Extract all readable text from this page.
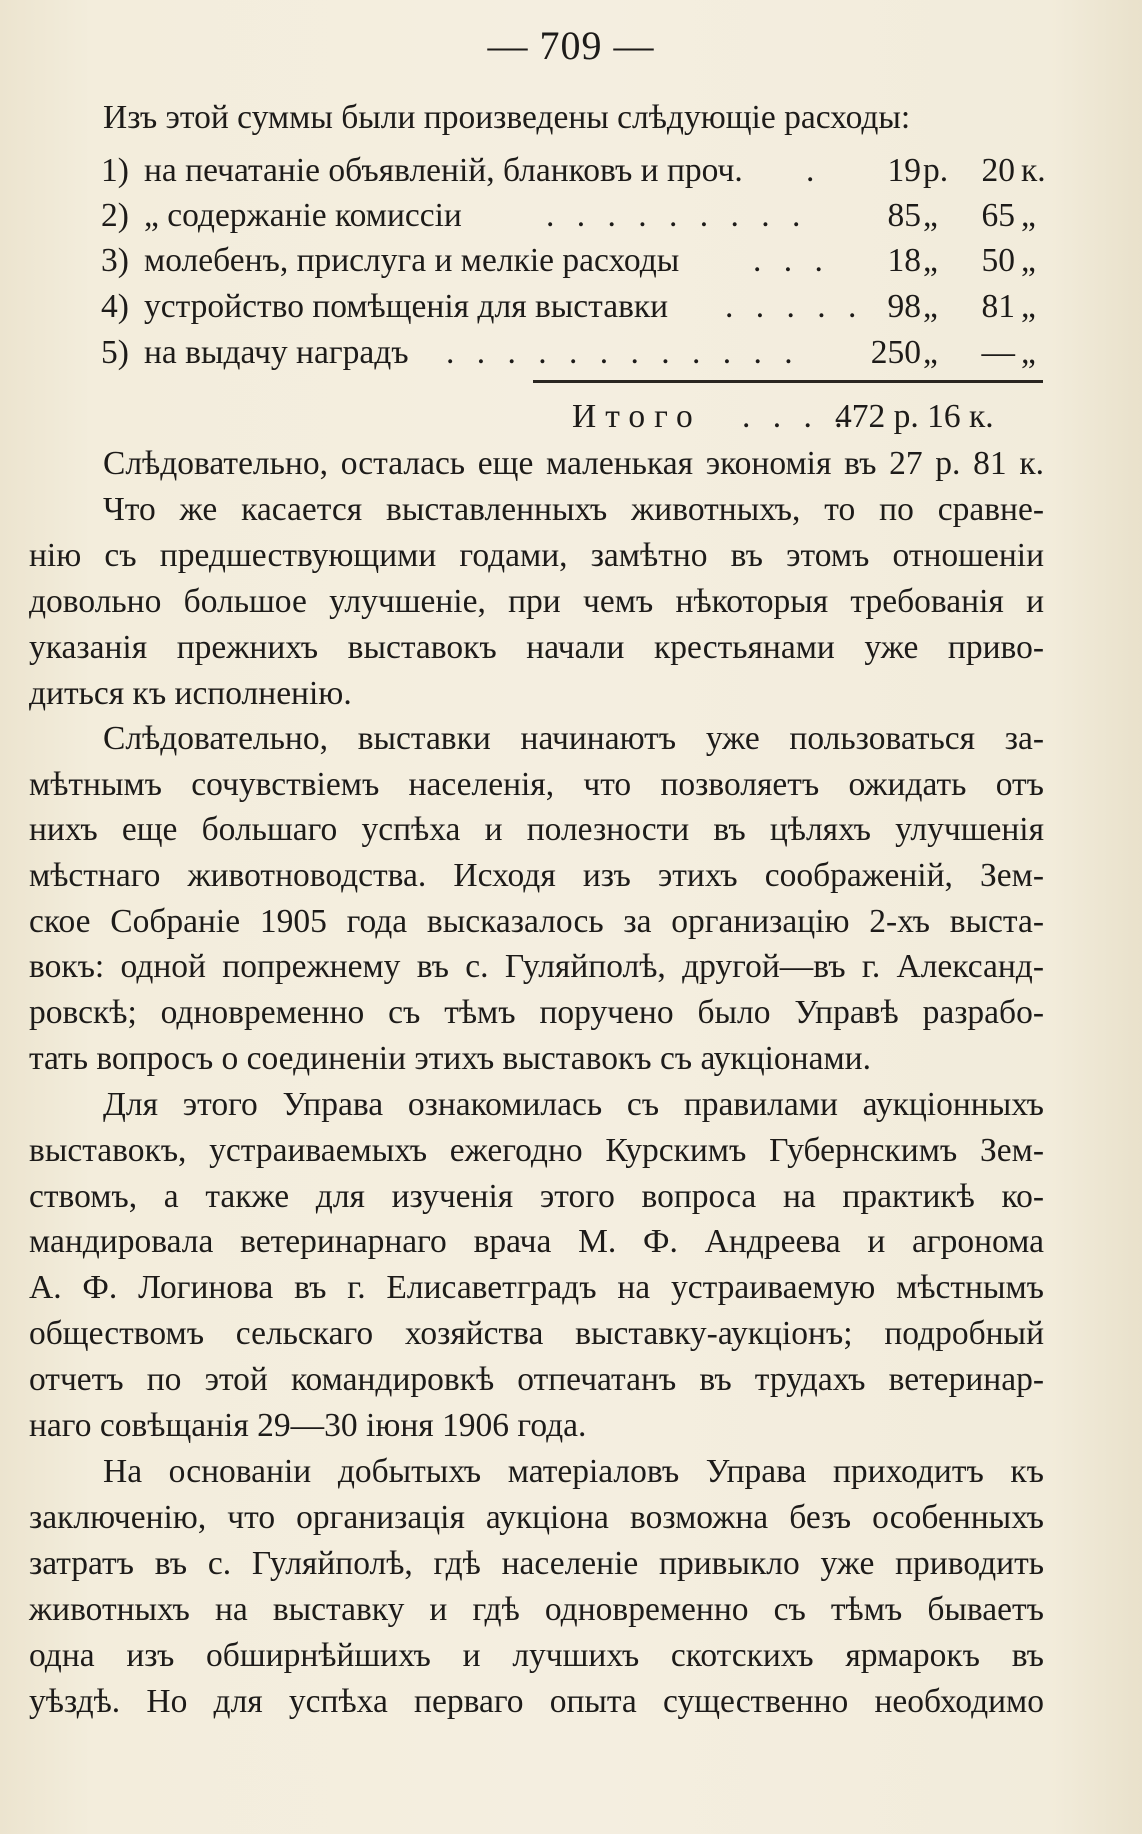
— 709 —
Изъ этой суммы были произведены слѣдующіе расходы:
1) на печатаніе объявленій, бланковъ и проч. .	19 р. 20 к.
2) „ содержаніе комиссіи	. . . . . . . . .	85 „	65 „
3) молебенъ, прислуга и мелкіе расходы . . .	18 „	50 „
4) устройство помѣщенія для выставки . . . . . 98 „	81 „
5) на выдачу наградъ . . . . . . . . . . . .	250 „	— „
Итого . . . .
472 р. 16 к.
Слѣдовательно, осталась еще маленькая экономія въ 27 р. 81 к.
Что же касается выставленныхъ животныхъ, то по сравне-
нію съ предшествующими годами, замѣтно въ этомъ отношеніи
довольно большое улучшеніе, при чемъ нѣкоторыя требованія и
указанія прежнихъ выставокъ начали крестьянами уже приво-
диться къ исполненію.
Слѣдовательно, выставки начинаютъ уже пользоваться за-
мѣтнымъ сочувствіемъ населенія, что позволяетъ ожидать отъ
нихъ еще большаго успѣха и полезности въ цѣляхъ улучшенія
мѣстнаго животноводства. Исходя изъ этихъ соображеній, Зем-
ское Собраніе 1905 года высказалось за организацію 2-хъ выста-
вокъ: одной попрежнему въ с. Гуляйполѣ, другой—въ г. Александ-
ровскѣ; одновременно съ тѣмъ поручено было Управѣ разрабо-
тать вопросъ о соединеніи этихъ выставокъ съ аукціонами.
Для этого Управа ознакомилась съ правилами аукціонныхъ
выставокъ, устраиваемыхъ ежегодно Курскимъ Губернскимъ Зем-
ствомъ, а также для изученія этого вопроса на практикѣ ко-
мандировала ветеринарнаго врача М. Ф. Андреева и агронома
А. Ф. Логинова въ г. Елисаветградъ на устраиваемую мѣстнымъ
обществомъ сельскаго хозяйства выставку-аукціонъ; подробный
отчетъ по этой командировкѣ отпечатанъ въ трудахъ ветеринар-
наго совѣщанія 29—30 іюня 1906 года.
На основаніи добытыхъ матеріаловъ Управа приходитъ къ
заключенію, что организація аукціона возможна безъ особенныхъ
затратъ въ с. Гуляйполѣ, гдѣ населеніе привыкло уже приводить
животныхъ на выставку и гдѣ одновременно съ тѣмъ бываетъ
одна изъ обширнѣйшихъ и лучшихъ скотскихъ ярмарокъ въ
уѣздѣ. Но для успѣха перваго опыта существенно необходимо
